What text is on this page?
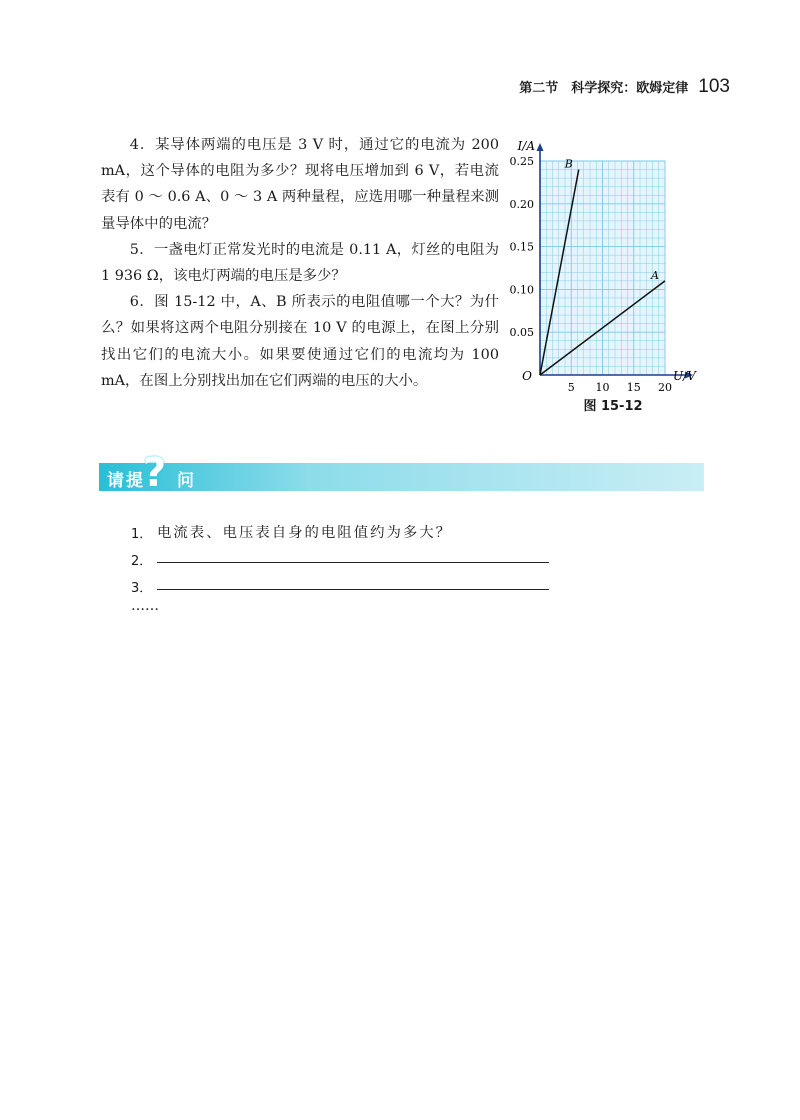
第二节　科学探究：欧姆定律 103

4．某导体两端的电压是 3 V 时，通过它的电流为 200 mA，这个导体的电阻为多少？现将电压增加到 6 V，若电流表有 0 ～ 0.6 A、0 ～ 3 A 两种量程，应选用哪一种量程来测量导体中的电流？

5．一盏电灯正常发光时的电流是 0.11 A，灯丝的电阻为 1 936 Ω，该电灯两端的电压是多少？

6．图 15-12 中，A、B 所表示的电阻值哪一个大？为什么？如果将这两个电阻分别接在 10 V 的电源上，在图上分别找出它们的电流大小。如果要使通过它们的电流均为 100 mA，在图上分别找出加在它们两端的电压的大小。

I/A
U/V
O
0.05
0.10
0.15
0.20
0.25
5 10 15 20
B
A
图 15-12
请提
? 问
1． 电流表、电压表自身的电阻值约为多大？
2．
3．
……
